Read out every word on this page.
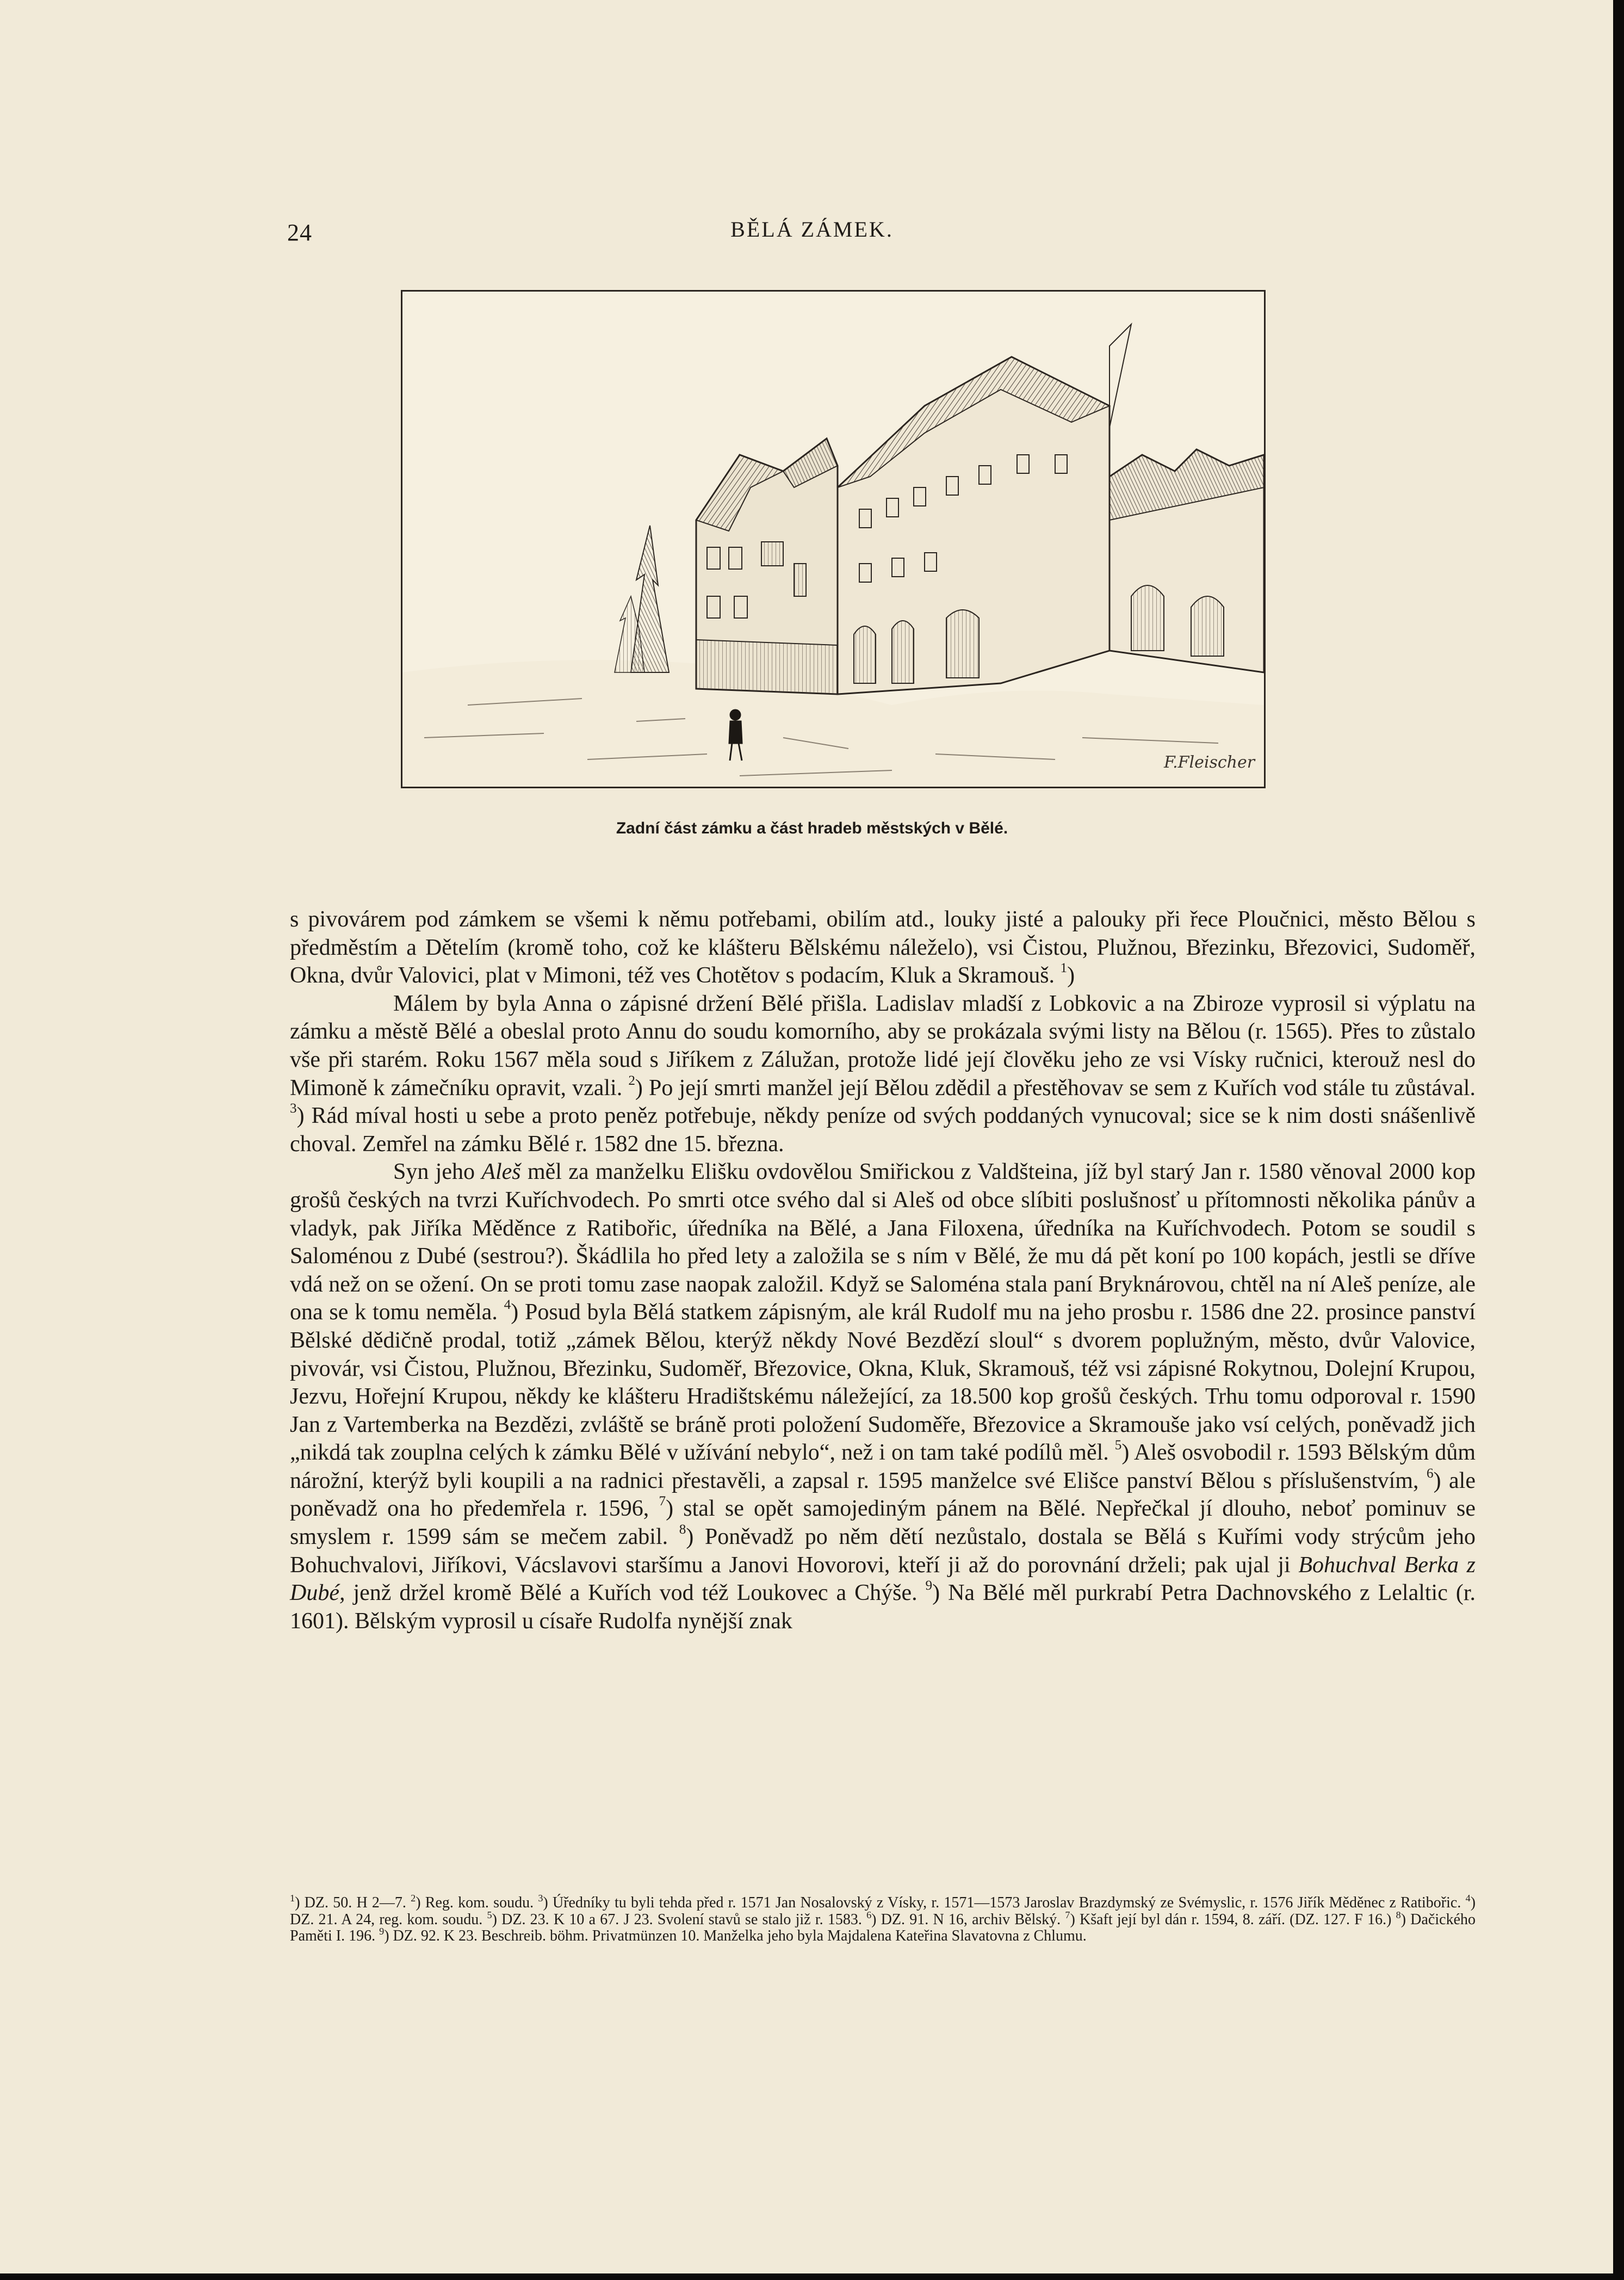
24	BĚLÁ ZÁMEK.
F.Fleischer
Zadní část zámku a část hradeb městských v Bělé.

s pivovárem pod zámkem se všemi k němu potřebami, obilím atd., louky jisté a palouky při řece Ploučnici, město Bělou s předměstím a Dětelím (kromě toho, což ke klášteru Bělskému náleželo), vsi Čistou, Plužnou, Březinku, Březovici, Sudoměř, Okna, dvůr Valovici, plat v Mimoni, též ves Chotětov s podacím, Kluk a Skramouš. $^1$)

Málem by byla Anna o zápisné držení Bělé přišla. Ladislav mladší z Lobkovic a na Zbiroze vyprosil si výplatu na zámku a městě Bělé a obeslal proto Annu do soudu komorního, aby se prokázala svými listy na Bělou (r. 1565). Přes to zůstalo vše při starém. Roku 1567 měla soud s Jiříkem z Zálužan, protože lidé její člověku jeho ze vsi Vísky ručnici, kterouž nesl do Mimoně k zámečníku opravit, vzali. $^2$) Po její smrti manžel její Bělou zdědil a přestěhovav se sem z Kuřích vod stále tu zůstával. $^3$) Rád míval hosti u sebe a proto peněz potřebuje, někdy peníze od svých poddaných vynucoval; sice se k nim dosti snášenlivě choval. Zemřel na zámku Bělé r. 1582 dne 15. března.

Syn jeho Aleš měl za manželku Elišku ovdovělou Smiřickou z Valdšteina, jíž byl starý Jan r. 1580 věnoval 2000 kop grošů českých na tvrzi Kuříchvodech. Po smrti otce svého dal si Aleš od obce slíbiti poslušnosť u přítomnosti několika pánův a vladyk, pak Jiříka Měděnce z Ratibořic, úředníka na Bělé, a Jana Filoxena, úředníka na Kuříchvodech. Potom se soudil s Saloménou z Dubé (sestrou?). Škádlila ho před lety a založila se s ním v Bělé, že mu dá pět koní po 100 kopách, jestli se dříve vdá než on se ožení. On se proti tomu zase naopak založil. Když se Saloména stala paní Bryknárovou, chtěl na ní Aleš peníze, ale ona se k tomu neměla. $^4$) Posud byla Bělá statkem zápisným, ale král Rudolf mu na jeho prosbu r. 1586 dne 22. prosince panství Bělské dědičně prodal, totiž „zámek Bělou, kterýž někdy Nové Bezdězí sloul“ s dvorem poplužným, město, dvůr Valovice, pivovár, vsi Čistou, Plužnou, Březinku, Sudoměř, Březovice, Okna, Kluk, Skramouš, též vsi zápisné Rokytnou, Dolejní Krupou, Jezvu, Hořejní Krupou, někdy ke klášteru Hradištskému náležející, za 18.500 kop grošů českých. Trhu tomu odporoval r. 1590 Jan z Vartemberka na Bezdězi, zvláště se bráně proti položení Sudoměře, Březovice a Skramouše jako vsí celých, poněvadž jich „nikdá tak zouplna celých k zámku Bělé v užívání nebylo“, než i on tam také podílů měl. $^5$) Aleš osvobodil r. 1593 Bělským dům nárožní, kterýž byli koupili a na radnici přestavěli, a zapsal r. 1595 manželce své Elišce panství Bělou s příslušenstvím, $^6$) ale poněvadž ona ho předemřela r. 1596, $^7$) stal se opět samojediným pánem na Bělé. Nepřečkal jí dlouho, neboť pominuv se smyslem r. 1599 sám se mečem zabil. $^8$) Poněvadž po něm dětí nezůstalo, dostala se Bělá s Kuřími vody strýcům jeho Bohuchvalovi, Jiříkovi, Vácslavovi staršímu a Janovi Hovorovi, kteří ji až do porovnání drželi; pak ujal ji Bohuchval Berka z Dubé, jenž držel kromě Bělé a Kuřích vod též Loukovec a Chýše. $^9$) Na Bělé měl purkrabí Petra Dachnovského z Lelaltic (r. 1601). Bělským vyprosil u císaře Rudolfa nynější znak

$^1$) DZ. 50. H 2—7. $^2$) Reg. kom. soudu. $^3$) Úředníky tu byli tehda před r. 1571 Jan Nosalovský z Vísky, r. 1571—1573 Jaroslav Brazdymský ze Svémyslic, r. 1576 Jiřík Měděnec z Ratibořic. $^4$) DZ. 21. A 24, reg. kom. soudu. $^5$) DZ. 23. K 10 a 67. J 23. Svolení stavů se stalo již r. 1583. $^6$) DZ. 91. N 16, archiv Bělský. $^7$) Kšaft její byl dán r. 1594, 8. září. (DZ. 127. F 16.) $^8$) Dačického Paměti I. 196. $^9$) DZ. 92. K 23. Beschreib. böhm. Privatmünzen 10. Manželka jeho byla Majdalena Kateřina Slavatovna z Chlumu.
